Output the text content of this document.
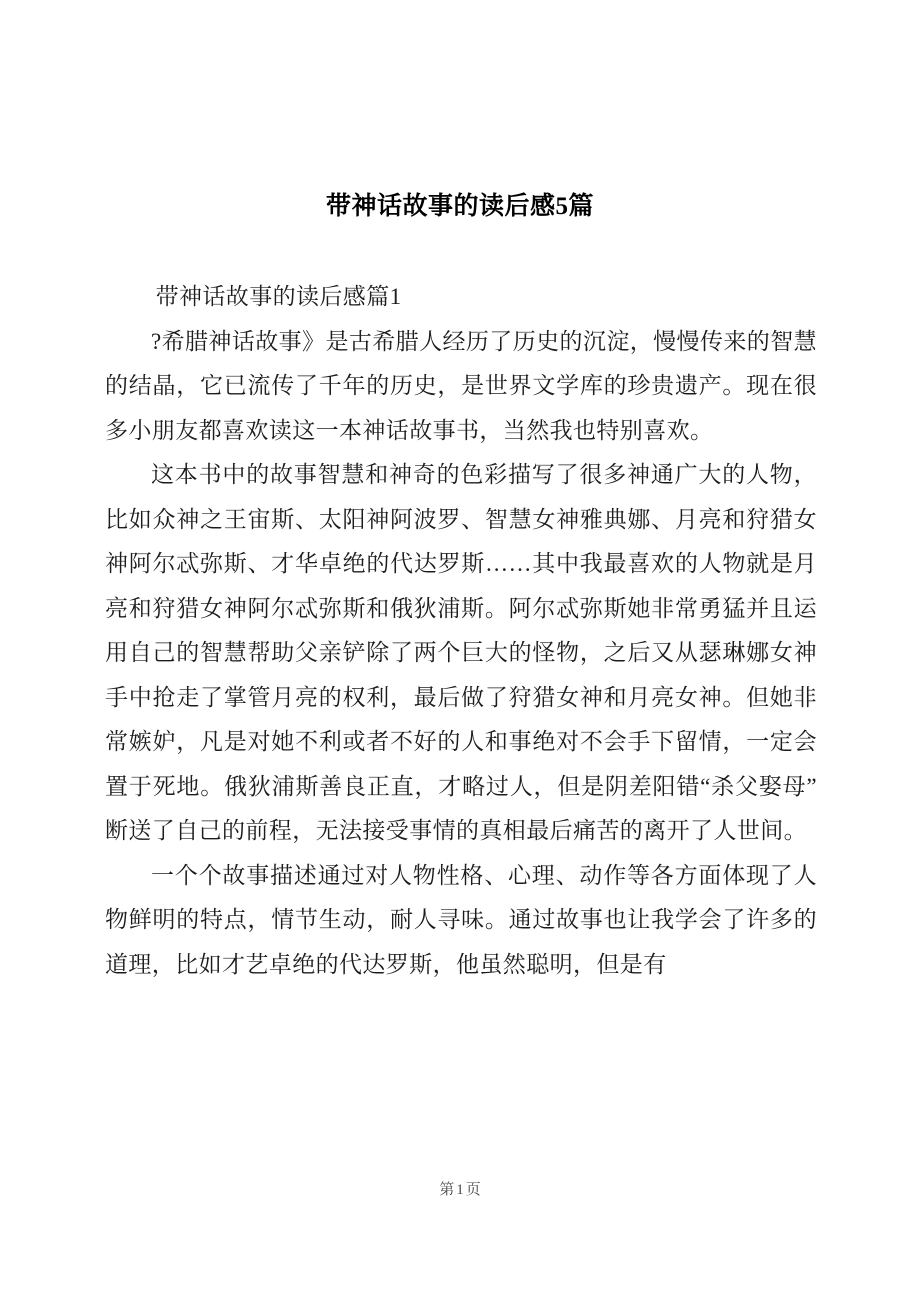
带神话故事的读后感5篇

带神话故事的读后感篇1

?希腊神话故事》是古希腊人经历了历史的沉淀，慢慢传来的智慧的结晶，它已流传了千年的历史，是世界文学库的珍贵遗产。现在很多小朋友都喜欢读这一本神话故事书，当然我也特别喜欢。

这本书中的故事智慧和神奇的色彩描写了很多神通广大的人物，比如众神之王宙斯、太阳神阿波罗、智慧女神雅典娜、月亮和狩猎女神阿尔忒弥斯、才华卓绝的代达罗斯……其中我最喜欢的人物就是月亮和狩猎女神阿尔忒弥斯和俄狄浦斯。阿尔忒弥斯她非常勇猛并且运用自己的智慧帮助父亲铲除了两个巨大的怪物，之后又从瑟琳娜女神手中抢走了掌管月亮的权利，最后做了狩猎女神和月亮女神。但她非常嫉妒，凡是对她不利或者不好的人和事绝对不会手下留情，一定会置于死地。俄狄浦斯善良正直，才略过人，但是阴差阳错“杀父娶母”断送了自己的前程，无法接受事情的真相最后痛苦的离开了人世间。

一个个故事描述通过对人物性格、心理、动作等各方面体现了人物鲜明的特点，情节生动，耐人寻味。通过故事也让我学会了许多的道理，比如才艺卓绝的代达罗斯，他虽然聪明，但是有

第 1 页
